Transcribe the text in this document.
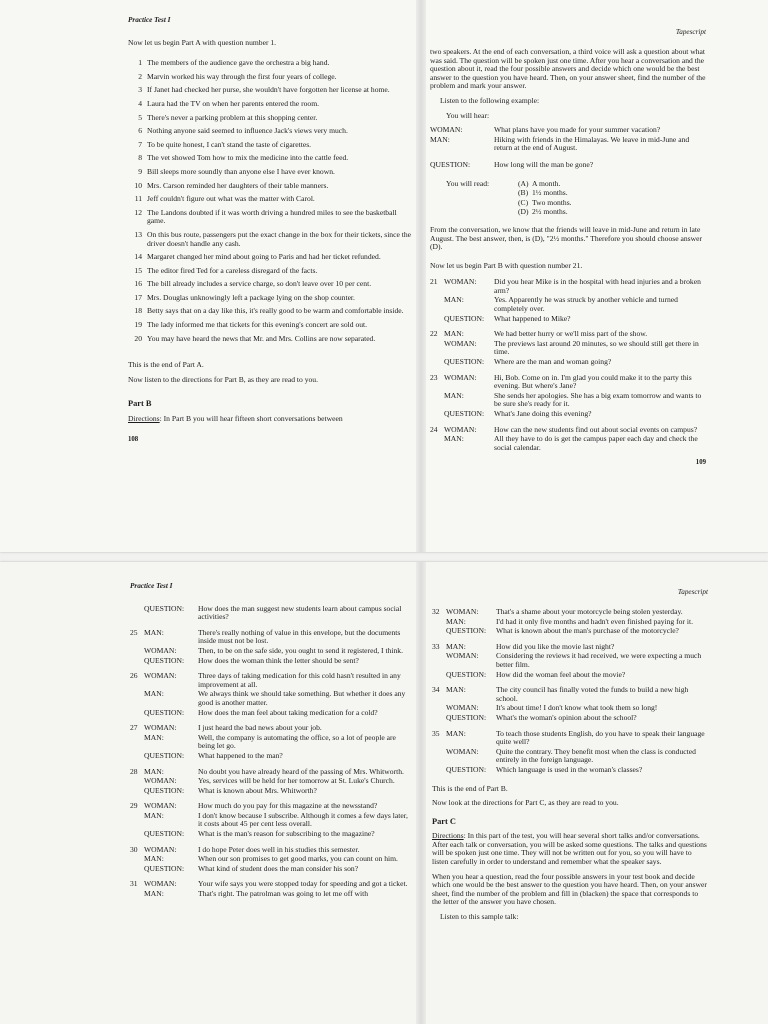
Practice Test I
Now let us begin Part A with question number 1.
1 The members of the audience gave the orchestra a big hand.
2 Marvin worked his way through the first four years of college.
3 If Janet had checked her purse, she wouldn't have forgotten her license at home.
4 Laura had the TV on when her parents entered the room.
5 There's never a parking problem at this shopping center.
6 Nothing anyone said seemed to influence Jack's views very much.
7 To be quite honest, I can't stand the taste of cigarettes.
8 The vet showed Tom how to mix the medicine into the cattle feed.
9 Bill sleeps more soundly than anyone else I have ever known.
10 Mrs. Carson reminded her daughters of their table manners.
11 Jeff couldn't figure out what was the matter with Carol.
12 The Landons doubted if it was worth driving a hundred miles to see the basketball game.
13 On this bus route, passengers put the exact change in the box for their tickets, since the driver doesn't handle any cash.
14 Margaret changed her mind about going to Paris and had her ticket refunded.
15 The editor fired Ted for a careless disregard of the facts.
16 The bill already includes a service charge, so don't leave over 10 per cent.
17 Mrs. Douglas unknowingly left a package lying on the shop counter.
18 Betty says that on a day like this, it's really good to be warm and comfortable inside.
19 The lady informed me that tickets for this evening's concert are sold out.
20 You may have heard the news that Mr. and Mrs. Collins are now separated.
This is the end of Part A.
Now listen to the directions for Part B, as they are read to you.
Part B
Directions: In Part B you will hear fifteen short conversations between
108
Tapescript
two speakers. At the end of each conversation, a third voice will ask a question about what was said. The question will be spoken just one time. After you hear a conversation and the question about it, read the four possible answers and decide which one would be the best answer to the question you have heard. Then, on your answer sheet, find the number of the problem and mark your answer.
Listen to the following example:
You will hear:
WOMAN:	What plans have you made for your summer vacation?
MAN:	Hiking with friends in the Himalayas. We leave in mid-June and return at the end of August.
QUESTION:	How long will the man be gone?
You will read:	(A) A month.
(B) 1½ months.
(C) Two months.
(D) 2½ months.
From the conversation, we know that the friends will leave in mid-June and return in late August. The best answer, then, is (D), "2½ months." Therefore you should choose answer (D).
Now let us begin Part B with question number 21.
21 WOMAN:	Did you hear Mike is in the hospital with head injuries and a broken arm?
MAN:	Yes. Apparently he was struck by another vehicle and turned completely over.
QUESTION:	What happened to Mike?
22 MAN:	We had better hurry or we'll miss part of the show.
WOMAN:	The previews last around 20 minutes, so we should still get there in time.
QUESTION:	Where are the man and woman going?
23 WOMAN:	Hi, Bob. Come on in. I'm glad you could make it to the party this evening. But where's Jane?
MAN:	She sends her apologies. She has a big exam tomorrow and wants to be sure she's ready for it.
QUESTION:	What's Jane doing this evening?
24 WOMAN:	How can the new students find out about social events on campus?
MAN:	All they have to do is get the campus paper each day and check the social calendar.
109
Practice Test I
QUESTION:	How does the man suggest new students learn about campus social activities?
25 MAN:	There's really nothing of value in this envelope, but the documents inside must not be lost.
WOMAN:	Then, to be on the safe side, you ought to send it registered, I think.
QUESTION:	How does the woman think the letter should be sent?
26 WOMAN:	Three days of taking medication for this cold hasn't resulted in any improvement at all.
MAN:	We always think we should take something. But whether it does any good is another matter.
QUESTION:	How does the man feel about taking medication for a cold?
27 WOMAN:	I just heard the bad news about your job.
MAN:	Well, the company is automating the office, so a lot of people are being let go.
QUESTION:	What happened to the man?
28 MAN:	No doubt you have already heard of the passing of Mrs. Whitworth.
WOMAN:	Yes, services will be held for her tomorrow at St. Luke's Church.
QUESTION:	What is known about Mrs. Whitworth?
29 WOMAN:	How much do you pay for this magazine at the newsstand?
MAN:	I don't know because I subscribe. Although it comes a few days later, it costs about 45 per cent less overall.
QUESTION:	What is the man's reason for subscribing to the magazine?
30 WOMAN:	I do hope Peter does well in his studies this semester.
MAN:	When our son promises to get good marks, you can count on him.
QUESTION:	What kind of student does the man consider his son?
31 WOMAN:	Your wife says you were stopped today for speeding and got a ticket.
MAN:	That's right. The patrolman was going to let me off with
Tapescript
32 WOMAN:	That's a shame about your motorcycle being stolen yesterday.
MAN:	I'd had it only five months and hadn't even finished paying for it.
QUESTION:	What is known about the man's purchase of the motorcycle?
33 MAN:	How did you like the movie last night?
WOMAN:	Considering the reviews it had received, we were expecting a much better film.
QUESTION:	How did the woman feel about the movie?
34 MAN:	The city council has finally voted the funds to build a new high school.
WOMAN:	It's about time! I don't know what took them so long!
QUESTION:	What's the woman's opinion about the school?
35 MAN:	To teach those students English, do you have to speak their language quite well?
WOMAN:	Quite the contrary. They benefit most when the class is conducted entirely in the foreign language.
QUESTION:	Which language is used in the woman's classes?
This is the end of Part B.
Now look at the directions for Part C, as they are read to you.
Part C
Directions: In this part of the test, you will hear several short talks and/or conversations. After each talk or conversation, you will be asked some questions. The talks and questions will be spoken just one time. They will not be written out for you, so you will have to listen carefully in order to understand and remember what the speaker says.
When you hear a question, read the four possible answers in your test book and decide which one would be the best answer to the question you have heard. Then, on your answer sheet, find the number of the problem and fill in (blacken) the space that corresponds to the letter of the answer you have chosen.
Listen to this sample talk:
